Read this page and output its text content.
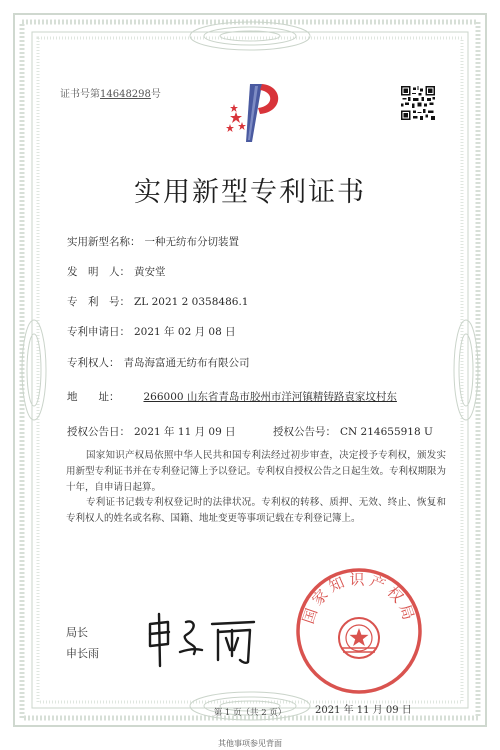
证书号第14648298号
实用新型专利证书
实用新型名称： 一种无纺布分切装置
发　明　人： 黄安堂
专　利　号： ZL 2021 2 0358486.1
专利申请日： 2021 年 02 月 08 日
专利权人： 青岛海富通无纺布有限公司
地　　址： 266000 山东省青岛市胶州市洋河镇精铸路袁家坟村东
授权公告日： 2021 年 11 月 09 日	授权公告号： CN 214655918 U
国家知识产权局依照中华人民共和国专利法经过初步审查，决定授予专利权，颁发实用新型专利证书并在专利登记簿上予以登记。专利权自授权公告之日起生效。专利权期限为十年，自申请日起算。
专利证书记载专利权登记时的法律状况。专利权的转移、质押、无效、终止、恢复和专利权人的姓名或名称、国籍、地址变更等事项记载在专利登记簿上。
局长
申长雨
国家知识产权局
2021 年 11 月 09 日
第 1 页（共 2 页）
其他事项参见背面
